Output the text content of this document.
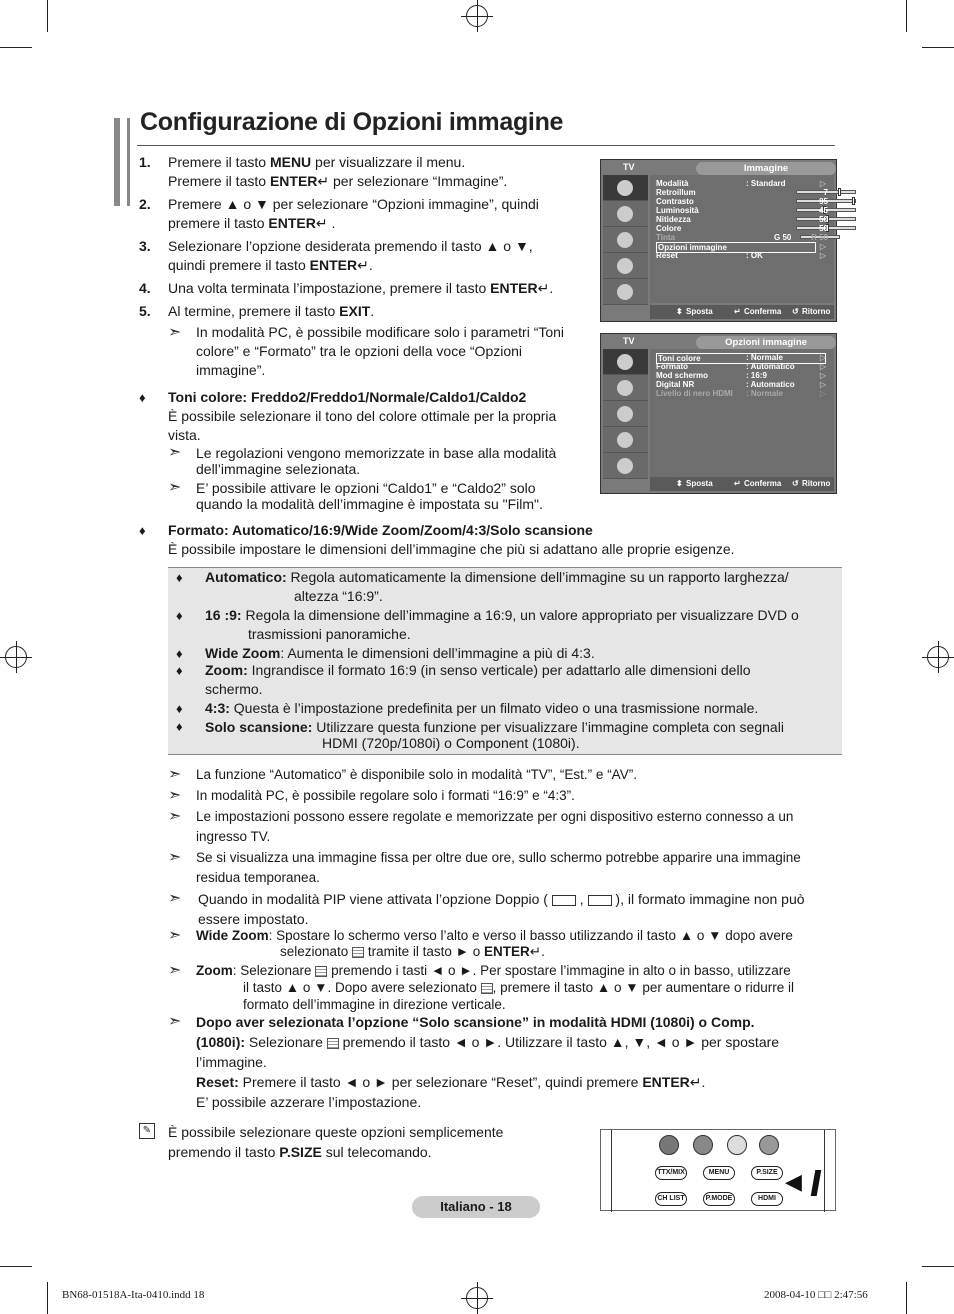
Configurazione di Opzioni immagine
1. Premere il tasto MENU per visualizzare il menu.
Premere il tasto ENTER↵ per selezionare “Immagine”.
2. Premere ▲ o ▼ per selezionare “Opzioni immagine”, quindi
premere il tasto ENTER↵ .
3. Selezionare l’opzione desiderata premendo il tasto ▲ o ▼,
quindi premere il tasto ENTER↵.
4. Una volta terminata l’impostazione, premere il tasto ENTER↵.
5. Al termine, premere il tasto EXIT.
➣ In modalità PC, è possibile modificare solo i parametri “Toni colore” e “Formato” tra le opzioni della voce “Opzioni immagine”.
♦ Toni colore: Freddo2/Freddo1/Normale/Caldo1/Caldo2
È possibile selezionare il tono del colore ottimale per la propria vista.
➣ Le regolazioni vengono memorizzate in base alla modalità dell’immagine selezionata.
➣ E’ possibile attivare le opzioni “Caldo1” e “Caldo2” solo quando la modalità dell’immagine è impostata su "Film".
♦ Formato: Automatico/16:9/Wide Zoom/Zoom/4:3/Solo scansione
È possibile impostare le dimensioni dell’immagine che più si adattano alle proprie esigenze.
♦ Automatico: Regola automaticamente la dimensione dell’immagine su un rapporto larghezza/
altezza “16:9”.
♦ 16 :9: Regola la dimensione dell’immagine a 16:9, un valore appropriato per visualizzare DVD o
trasmissioni panoramiche.
♦ Wide Zoom: Aumenta le dimensioni dell’immagine a più di 4:3.
♦ Zoom: Ingrandisce il formato 16:9 (in senso verticale) per adattarlo alle dimensioni dello
schermo.
♦ 4:3: Questa è l’impostazione predefinita per un filmato video o una trasmissione normale.
♦ Solo scansione: Utilizzare questa funzione per visualizzare l’immagine completa con segnali
HDMI (720p/1080i) o Component (1080i).
➣ La funzione “Automatico” è disponibile solo in modalità “TV”, “Est.” e “AV”.
➣ In modalità PC, è possibile regolare solo i formati “16:9” e “4:3”.
➣ Le impostazioni possono essere regolate e memorizzate per ogni dispositivo esterno connesso a un ingresso TV.
➣ Se si visualizza una immagine fissa per oltre due ore, sullo schermo potrebbe apparire una immagine residua temporanea.
➣ Quando in modalità PIP viene attivata l’opzione Doppio ( , ), il formato immagine non può
essere impostato.
➣ Wide Zoom: Spostare lo schermo verso l’alto e verso il basso utilizzando il tasto ▲ o ▼ dopo avere
selezionato tramite il tasto ► o ENTER↵.
➣ Zoom: Selezionare premendo i tasti ◄ o ►. Per spostare l’immagine in alto o in basso, utilizzare
il tasto ▲ o ▼. Dopo avere selezionato , premere il tasto ▲ o ▼ per aumentare o ridurre il
formato dell’immagine in direzione verticale.
➣ Dopo aver selezionata l’opzione “Solo scansione” in modalità HDMI (1080i) o Comp.
(1080i): Selezionare premendo il tasto ◄ o ►. Utilizzare il tasto ▲, ▼, ◄ o ► per spostare
l’immagine.
Reset: Premere il tasto ◄ o ► per selezionare “Reset”, quindi premere ENTER↵.
E’ possibile azzerare l’impostazione.
✎ È possibile selezionare queste opzioni semplicemente
premendo il tasto P.SIZE sul telecomando.
TV	Immagine
Modalità	: Standard	▷
Retroillum	7
Contrasto	95
Luminosità	45
Nitidezza	50
Colore	50
Tinta	G 50 R 50
Opzioni immagine	▷
Reset	: OK	▷
⬍ Sposta	↵ Conferma ↺ Ritorno
TV	Opzioni immagine
Toni colore	: Normale	▷
Formato	: Automatico	▷
Mod schermo	: 16:9	▷
Digital NR	: Automatico	▷
Livello di nero HDMI : Normale	▷
⬍ Sposta	↵ Conferma ↺ Ritorno
TTX/MIX	MENU	P.SIZE
CH LIST	P.MODE	HDMI
◀
Italiano - 18
BN68-01518A-Ita-0410.indd 18	2008-04-10 □□ 2:47:56
